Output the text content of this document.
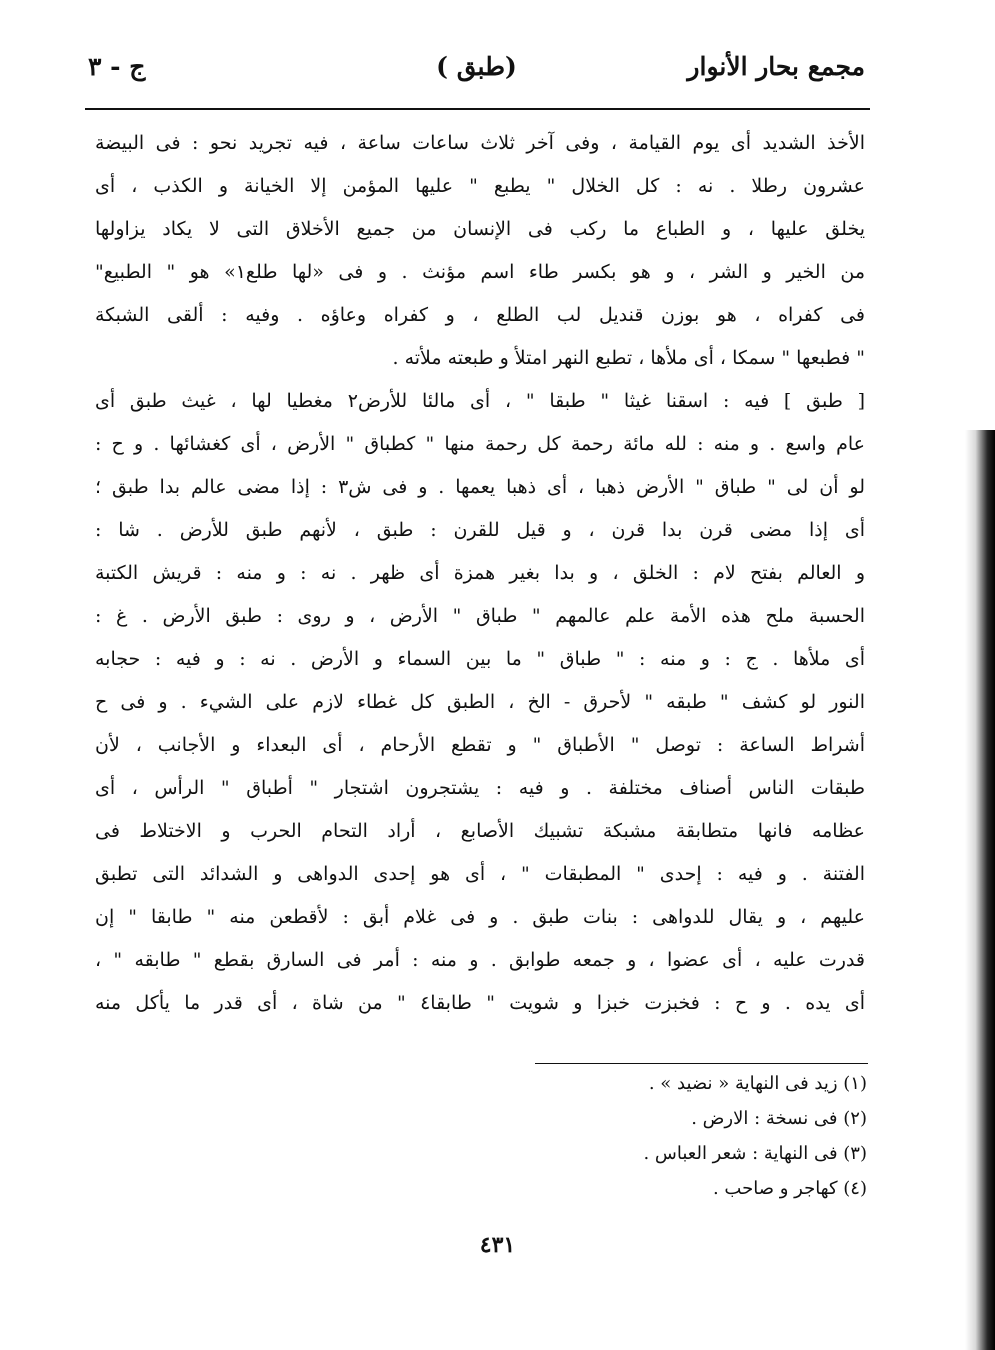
مجمع بحار الأنوار
(طبق )
ج - ٣
الأخذ الشديد أى يوم القيامة ، وفى آخر ثلاث ساعات ساعة ، فيه تجريد نحو : فى البيضة
عشرون رطلا . نه : كل الخلال " يطبع " عليها المؤمن إلا الخيانة و الكذب ، أى
يخلق عليها ، و الطباع ما ركب فى الإنسان من جميع الأخلاق التى لا يكاد يزاولها
من الخير و الشر ، و هو بكسر طاء اسم مؤنث . و فى «لها طلع١» هو " الطبيع"
فى كفراه ، هو بوزن قنديل لب الطلع ، و كفراه وعاؤه . وفيه : ألقى الشبكة
" فطبعها " سمكا ، أى ملأها ، تطبع النهر امتلأ و طبعته ملأته .
[ طبق ] فيه : اسقنا غيثا " طبقا " ، أى مالئا للأرض٢ مغطيا لها ، غيث طبق أى
عام واسع . و منه : لله مائة رحمة كل رحمة منها " كطباق " الأرض ، أى كغشائها . و ح :
لو أن لى " طباق " الأرض ذهبا ، أى ذهبا يعمها . و فى ش٣ : إذا مضى عالم بدا طبق ؛
أى إذا مضى قرن بدا قرن ، و قيل للقرن : طبق ، لأنهم طبق للأرض . شا :
و العالم بفتح لام : الخلق ، و بدا بغير همزة أى ظهر . نه : و منه : قريش الكتبة
الحسبة ملح هذه الأمة علم عالمهم " طباق " الأرض ، و روى : طبق الأرض . غ :
أى ملأها . ج : و منه : " طباق " ما بين السماء و الأرض . نه : و فيه : حجابه
النور لو كشف " طبقه " لأحرق - الخ ، الطبق كل غطاء لازم على الشيء . و فى ح
أشراط الساعة : توصل " الأطباق " و تقطع الأرحام ، أى البعداء و الأجانب ، لأن
طبقات الناس أصناف مختلفة . و فيه : يشتجرون اشتجار " أطباق " الرأس ، أى
عظامه فانها متطابقة مشبكة تشبيك الأصابع ، أراد التحام الحرب و الاختلاط فى
الفتنة . و فيه : إحدى " المطبقات " ، أى هو إحدى الدواهى و الشدائد التى تطبق
عليهم ، و يقال للدواهى : بنات طبق . و فى غلام أبق : لأقطعن منه " طابقا " إن
قدرت عليه ، أى عضوا ، و جمعه طوابق . و منه : أمر فى السارق بقطع " طابقه " ،
أى يده . و ح : فخبزت خبزا و شويت " طابقا٤ " من شاة ، أى قدر ما يأكل منه
(١) زيد فى النهاية « نضيد » .
(٢) فى نسخة : الارض .
(٣) فى النهاية : شعر العباس .
(٤) كهاجر و صاحب .
٤٣١
